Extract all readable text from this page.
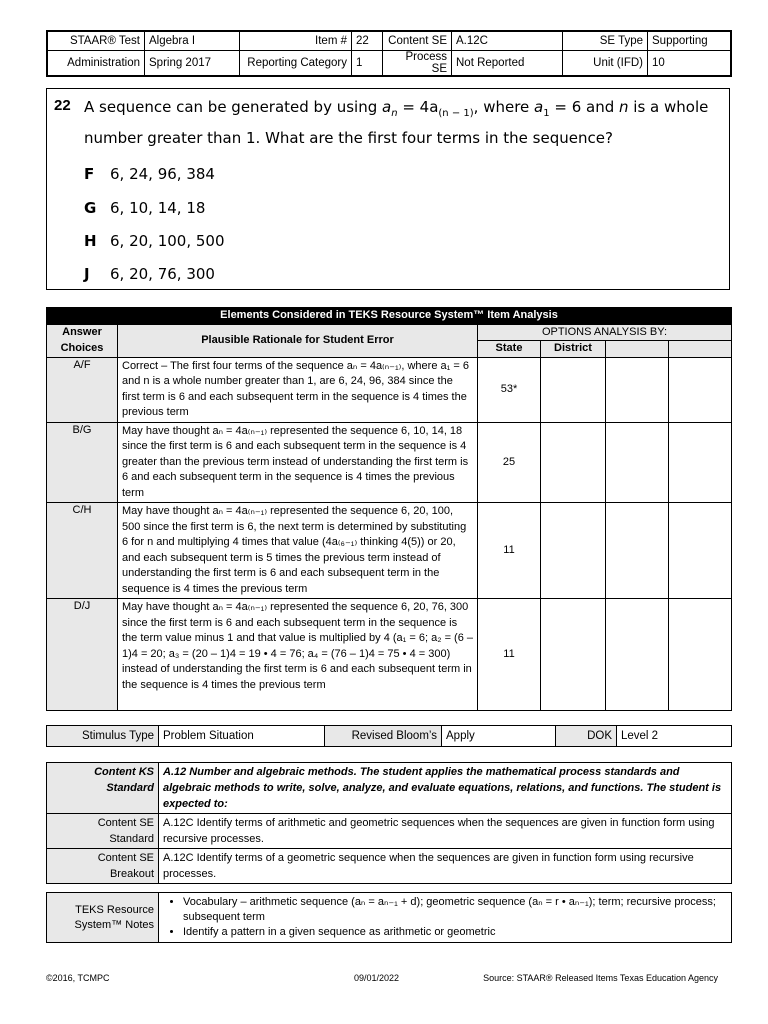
STAAR® Test	Algebra I	Item #	22	Content SE	A.12C	SE Type	Supporting
Administration	Spring 2017	Reporting Category	1	Process SE	Not Reported	Unit (IFD)	10
22 A sequence can be generated by using $a_n = 4a_{(n - 1)}$, where $a_1 = 6$ and n is a whole number greater than 1. What are the first four terms in the sequence?
F 6, 24, 96, 384
G 6, 10, 14, 18
H 6, 20, 100, 500
J 6, 20, 76, 300
Elements Considered in TEKS Resource System™ Item Analysis					
Answer Choices	Plausible Rationale for Student Error	OPTIONS ANALYSIS BY:			
		State	District		
A/F	Correct – The first four terms of the sequence aₙ = 4a₍ₙ₋₁₎, where a₁ = 6 and n is a whole number greater than 1, are 6, 24, 96, 384 since the first term is 6 and each subsequent term in the sequence is 4 times the previous term	53*			
B/G	May have thought aₙ = 4a₍ₙ₋₁₎ represented the sequence 6, 10, 14, 18 since the first term is 6 and each subsequent term in the sequence is 4 greater than the previous term instead of understanding the first term is 6 and each subsequent term in the sequence is 4 times the previous term	25			
C/H	May have thought aₙ = 4a₍ₙ₋₁₎ represented the sequence 6, 20, 100, 500 since the first term is 6, the next term is determined by substituting 6 for n and multiplying 4 times that value (4a₍₆₋₁₎ thinking 4(5)) or 20, and each subsequent term is 5 times the previous term instead of understanding the first term is 6 and each subsequent term in the sequence is 4 times the previous term	11			
D/J	May have thought aₙ = 4a₍ₙ₋₁₎ represented the sequence 6, 20, 76, 300 since the first term is 6 and each subsequent term in the sequence is the term value minus 1 and that value is multiplied by 4 (a₁ = 6; a₂ = (6 – 1)4 = 20; a₃ = (20 – 1)4 = 19 • 4 = 76; a₄ = (76 – 1)4 = 75 • 4 = 300) instead of understanding the first term is 6 and each subsequent term in the sequence is 4 times the previous term	11			
Stimulus Type	Problem Situation	Revised Bloom’s	Apply	DOK	Level 2
Content KS Standard	A.12 Number and algebraic methods. The student applies the mathematical process standards and algebraic methods to write, solve, analyze, and evaluate equations, relations, and functions. The student is expected to:
Content SE Standard	A.12C Identify terms of arithmetic and geometric sequences when the sequences are given in function form using recursive processes.
Content SE Breakout	A.12C Identify terms of a geometric sequence when the sequences are given in function form using recursive processes.
TEKS Resource System™ Notes	
• Vocabulary – arithmetic sequence (aₙ = aₙ₋₁ + d); geometric sequence (aₙ = r • aₙ₋₁); term; recursive process; subsequent term
• Identify a pattern in a given sequence as arithmetic or geometric
©2016, TCMPC	09/01/2022	Source: STAAR® Released Items Texas Education Agency
